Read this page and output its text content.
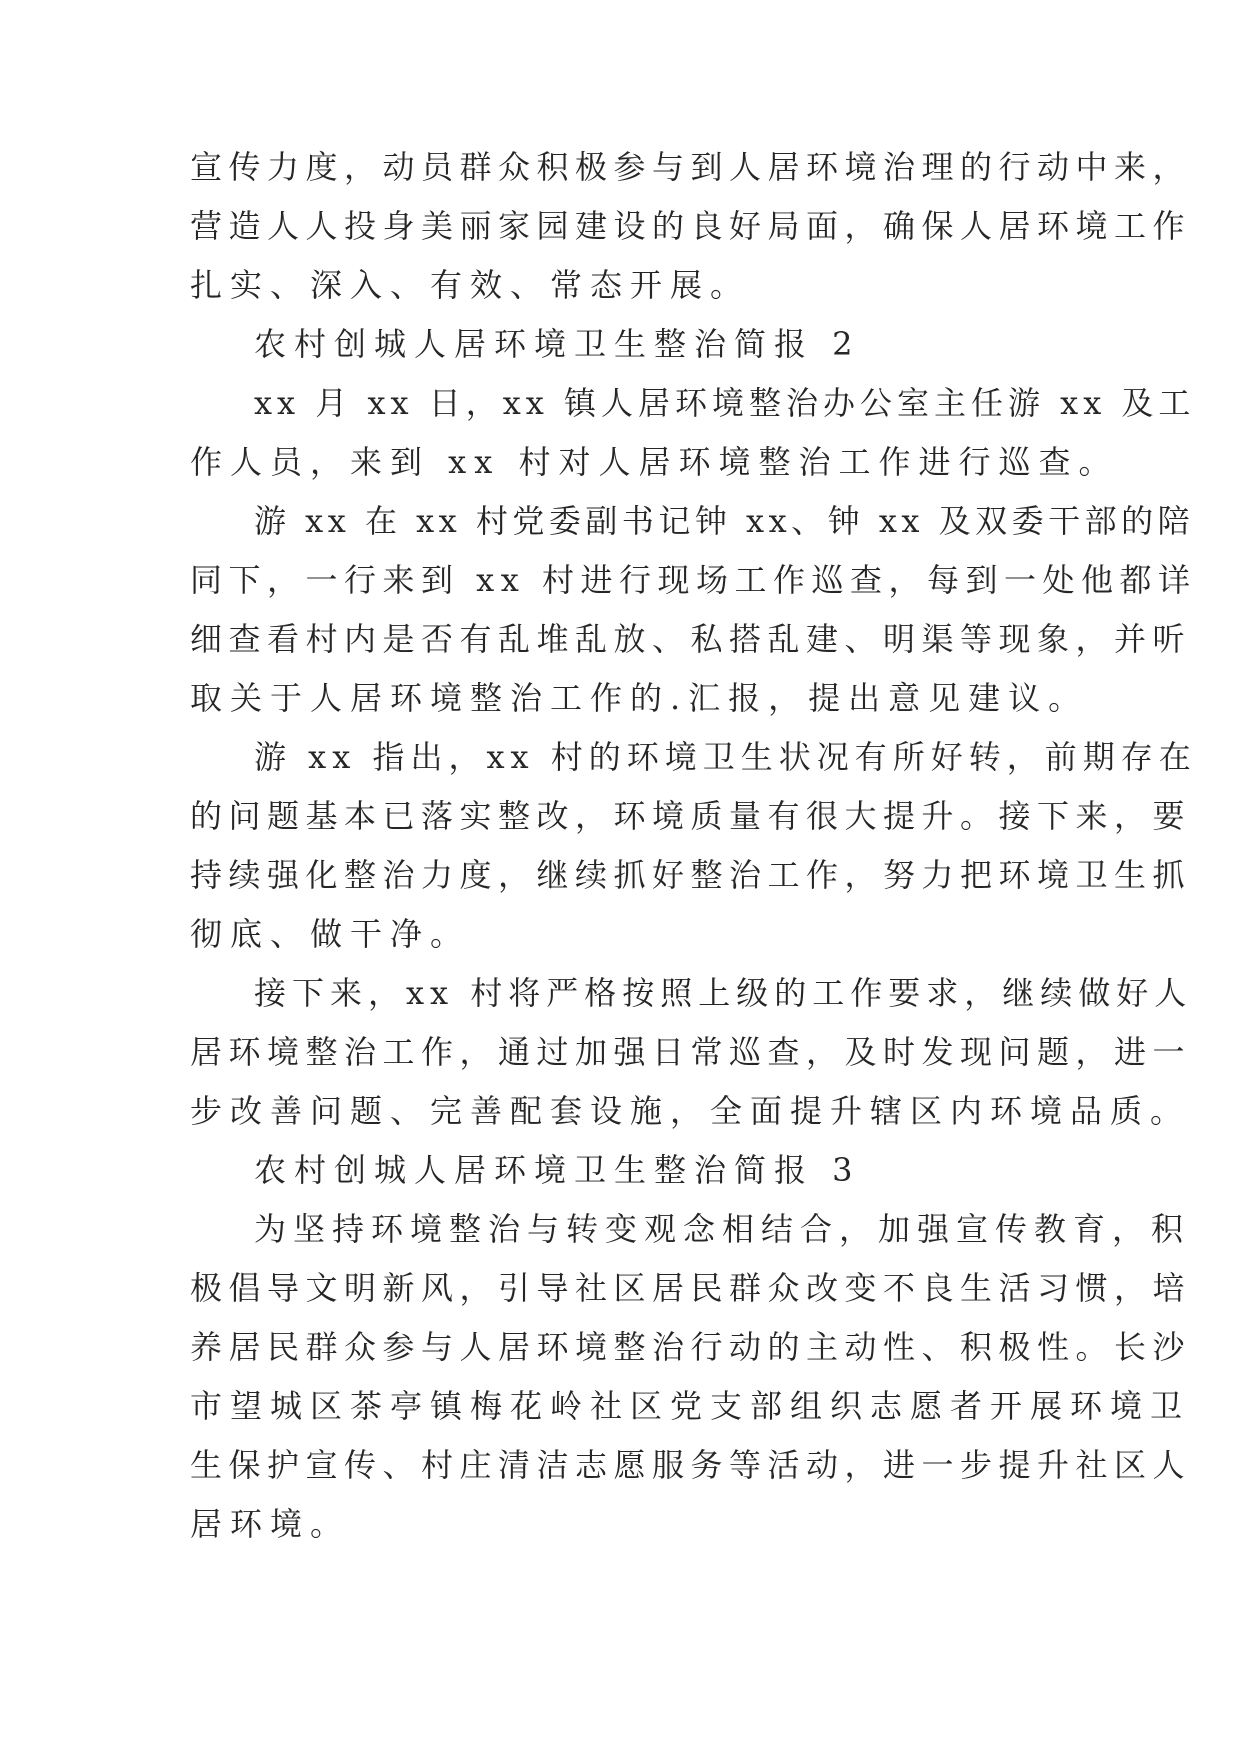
宣传力度，动员群众积极参与到人居环境治理的行动中来，
营造人人投身美丽家园建设的良好局面，确保人居环境工作
扎实、深入、有效、常态开展。
农村创城人居环境卫生整治简报 2
xx 月 xx 日，xx 镇人居环境整治办公室主任游 xx 及工
作人员，来到 xx 村对人居环境整治工作进行巡查。
游 xx 在 xx 村党委副书记钟 xx、钟 xx 及双委干部的陪
同下，一行来到 xx 村进行现场工作巡查，每到一处他都详
细查看村内是否有乱堆乱放、私搭乱建、明渠等现象，并听
取关于人居环境整治工作的.汇报，提出意见建议。
游 xx 指出，xx 村的环境卫生状况有所好转，前期存在
的问题基本已落实整改，环境质量有很大提升。接下来，要
持续强化整治力度，继续抓好整治工作，努力把环境卫生抓
彻底、做干净。
接下来，xx 村将严格按照上级的工作要求，继续做好人
居环境整治工作，通过加强日常巡查，及时发现问题，进一
步改善问题、完善配套设施，全面提升辖区内环境品质。
农村创城人居环境卫生整治简报 3
为坚持环境整治与转变观念相结合，加强宣传教育，积
极倡导文明新风，引导社区居民群众改变不良生活习惯，培
养居民群众参与人居环境整治行动的主动性、积极性。长沙
市望城区茶亭镇梅花岭社区党支部组织志愿者开展环境卫
生保护宣传、村庄清洁志愿服务等活动，进一步提升社区人
居环境。
